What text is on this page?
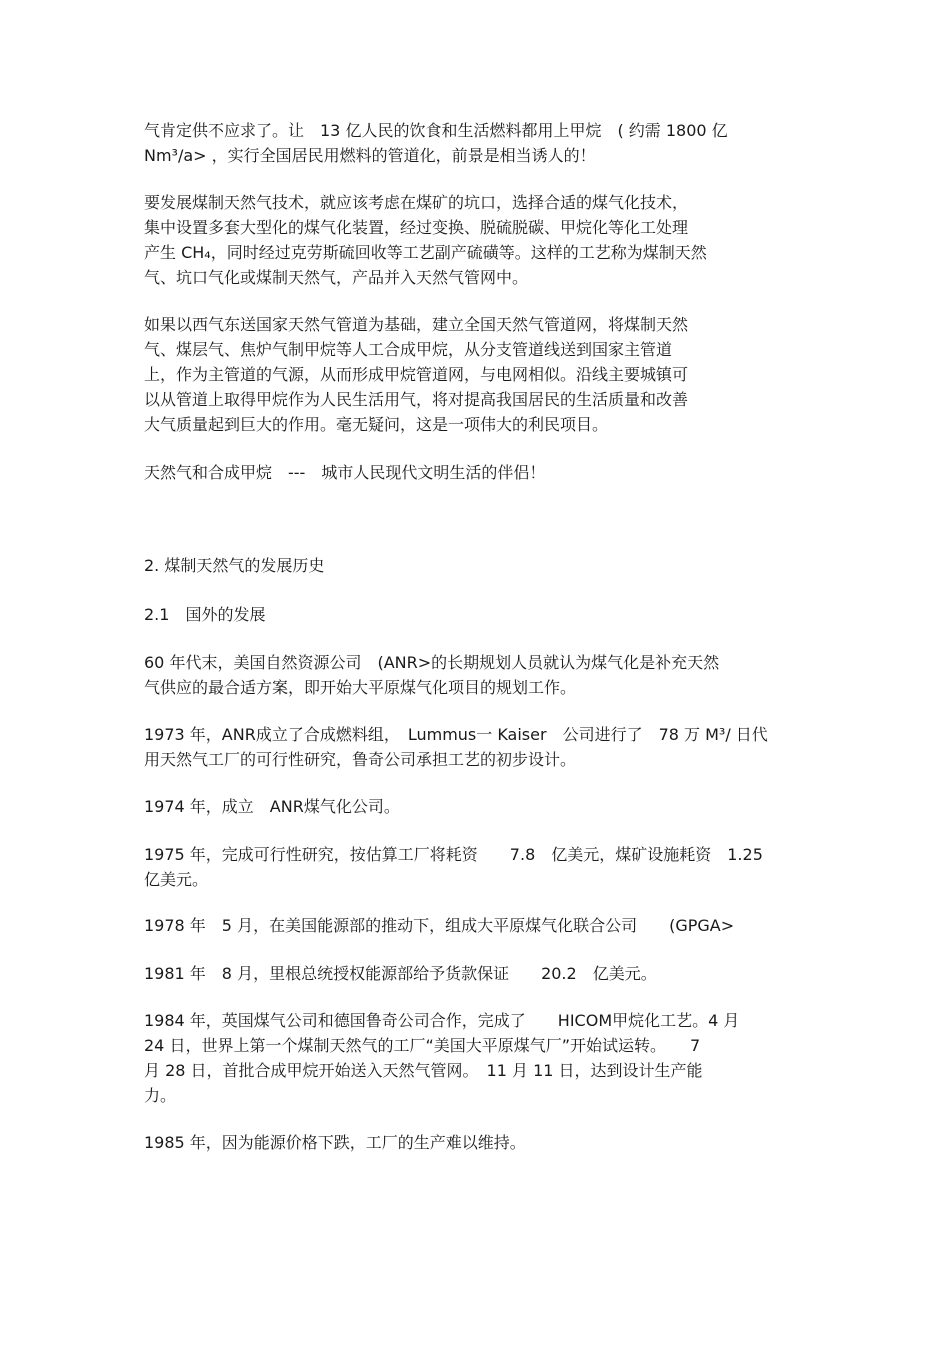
气肯定供不应求了。让　13 亿人民的饮食和生活燃料都用上甲烷　( 约需 1800 亿
Nm³/a> ，实行全国居民用燃料的管道化，前景是相当诱人的！
要发展煤制天然气技术，就应该考虑在煤矿的坑口，选择合适的煤气化技术，
集中设置多套大型化的煤气化装置，经过变换、脱硫脱碳、甲烷化等化工处理
产生 CH₄，同时经过克劳斯硫回收等工艺副产硫磺等。这样的工艺称为煤制天然
气、坑口气化或煤制天然气，产品并入天然气管网中。
如果以西气东送国家天然气管道为基础，建立全国天然气管道网，将煤制天然
气、煤层气、焦炉气制甲烷等人工合成甲烷，从分支管道线送到国家主管道
上，作为主管道的气源，从而形成甲烷管道网，与电网相似。沿线主要城镇可
以从管道上取得甲烷作为人民生活用气，将对提高我国居民的生活质量和改善
大气质量起到巨大的作用。毫无疑问，这是一项伟大的利民项目。
天然气和合成甲烷　---　城市人民现代文明生活的伴侣！
2. 煤制天然气的发展历史
2.1　国外的发展
60 年代末，美国自然资源公司　(ANR>的长期规划人员就认为煤气化是补充天然
气供应的最合适方案，即开始大平原煤气化项目的规划工作。
1973 年，ANR成立了合成燃料组，　Lummus一 Kaiser　公司进行了　78 万 M³/ 日代
用天然气工厂的可行性研究，鲁奇公司承担工艺的初步设计。
1974 年，成立　ANR煤气化公司。
1975 年，完成可行性研究，按估算工厂将耗资　　7.8　亿美元，煤矿设施耗资　1.25
亿美元。
1978 年　5 月，在美国能源部的推动下，组成大平原煤气化联合公司　　(GPGA>
1981 年　8 月，里根总统授权能源部给予货款保证　　20.2　亿美元。
1984 年，英国煤气公司和德国鲁奇公司合作，完成了　　HICOM甲烷化工艺。4 月
24 日，世界上第一个煤制天然气的工厂“美国大平原煤气厂”开始试运转。　　7
月 28 日，首批合成甲烷开始送入天然气管网。　11 月 11 日，达到设计生产能
力。
1985 年，因为能源价格下跌，工厂的生产难以维持。
